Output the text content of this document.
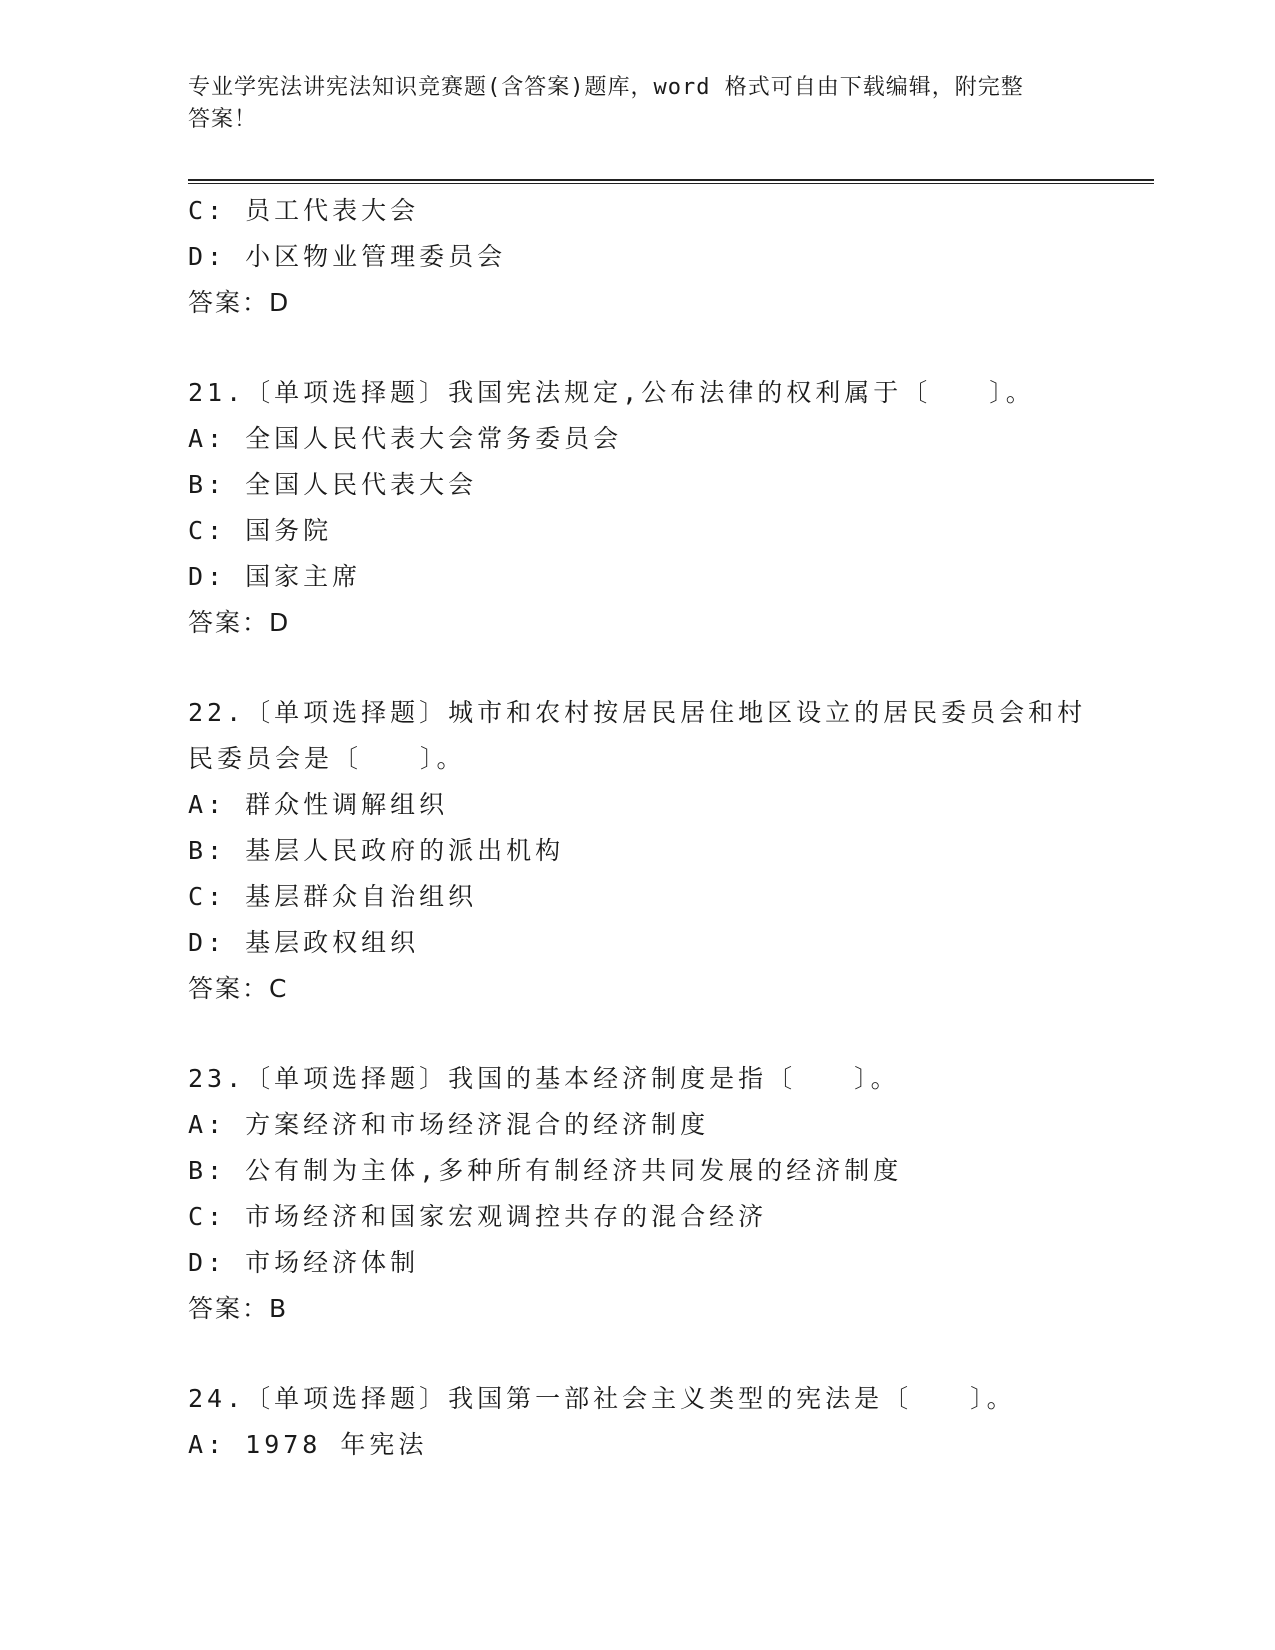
专业学宪法讲宪法知识竞赛题(含答案)题库，word 格式可自由下载编辑，附完整
答案！
C: 员工代表大会
D: 小区物业管理委员会
答案：D
21.〔单项选择题〕我国宪法规定,公布法律的权利属于〔　　〕。
A: 全国人民代表大会常务委员会
B: 全国人民代表大会
C: 国务院
D: 国家主席
答案：D
22.〔单项选择题〕城市和农村按居民居住地区设立的居民委员会和村
民委员会是〔　　〕。
A: 群众性调解组织
B: 基层人民政府的派出机构
C: 基层群众自治组织
D: 基层政权组织
答案：C
23.〔单项选择题〕我国的基本经济制度是指〔　　〕。
A: 方案经济和市场经济混合的经济制度
B: 公有制为主体,多种所有制经济共同发展的经济制度
C: 市场经济和国家宏观调控共存的混合经济
D: 市场经济体制
答案：B
24.〔单项选择题〕我国第一部社会主义类型的宪法是〔　　〕。
A: 1978 年宪法
